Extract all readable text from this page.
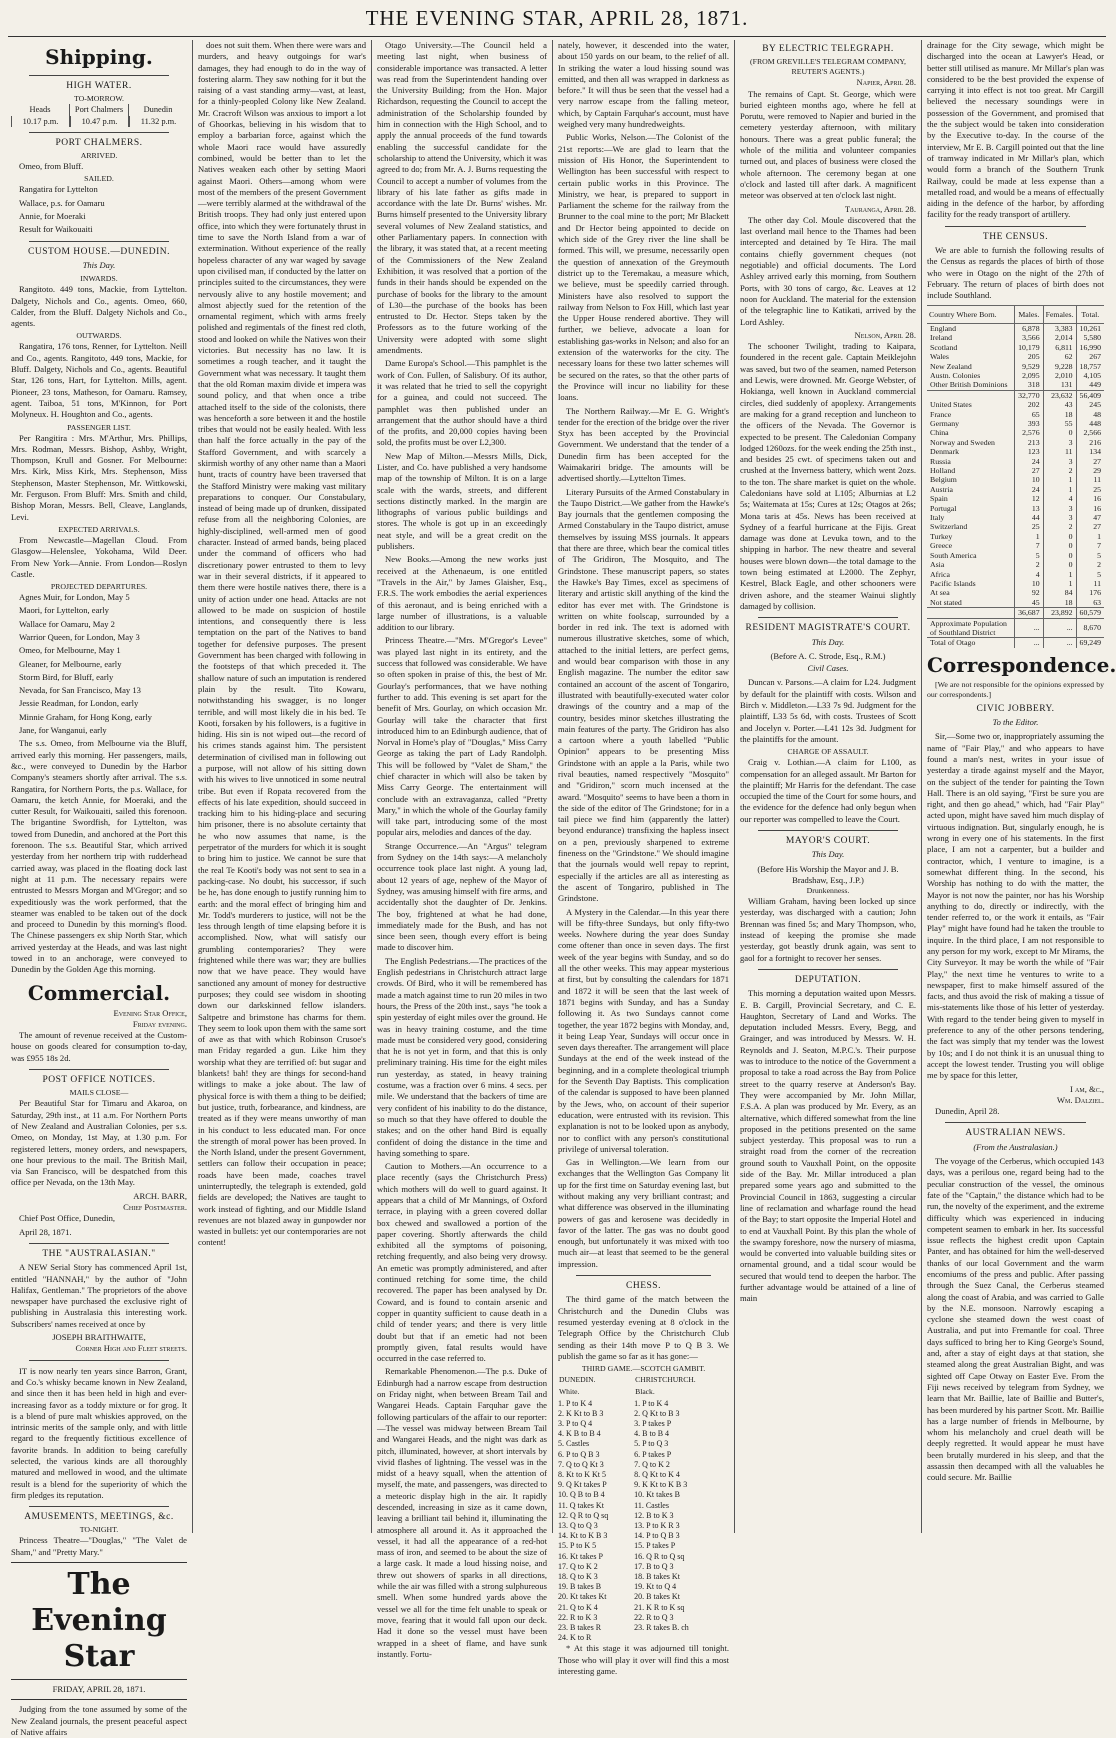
THE EVENING STAR, APRIL 28, 1871.
Shipping.
HIGH WATER.
TO-MORROW.
Heads
10.17 p.m.
Port Chalmers
10.47 p.m.
Dunedin
11.32 p.m.
PORT CHALMERS.
ARRIVED.

Omeo, from Bluff.

SAILED.

Rangatira for Lyttelton

Wallace, p.s. for Oamaru

Annie, for Moeraki

Result for Waikouaiti

CUSTOM HOUSE.—DUNEDIN.
This Day.
INWARDS.

Rangitoto. 449 tons, Mackie, from Lyttelton. Dalgety, Nichols and Co., agents. Omeo, 660, Calder, from the Bluff. Dalgety Nichols and Co., agents.

OUTWARDS.

Rangatira, 176 tons, Renner, for Lyttelton. Neill and Co., agents. Rangitoto, 449 tons, Mackie, for Bluff. Dalgety, Nichols and Co., agents. Beautiful Star, 126 tons, Hart, for Lyttelton. Mills, agent. Pioneer, 23 tons, Matheson, for Oamaru. Ramsey, agent. Taiboa, 51 tons, M'Kinnon, for Port Molyneux. H. Houghton and Co., agents.

PASSENGER LIST.

Per Rangitira : Mrs. M'Arthur, Mrs. Phillips, Mrs. Rodman, Messrs. Bishop, Ashby, Wright, Thompson, Krull and Gosner. For Melbourne: Mrs. Kirk, Miss Kirk, Mrs. Stephenson, Miss Stephenson, Master Stephenson, Mr. Wittkowski, Mr. Ferguson. From Bluff: Mrs. Smith and child, Bishop Moran, Messrs. Bell, Cleave, Langlands, Levi.

EXPECTED ARRIVALS.

From Newcastle—Magellan Cloud. From Glasgow—Helenslee, Yokohama, Wild Deer. From New York—Annie. From London—Roslyn Castle.

PROJECTED DEPARTURES.

Agnes Muir, for London, May 5

Maori, for Lyttelton, early

Wallace for Oamaru, May 2

Warrior Queen, for London, May 3

Omeo, for Melbourne, May 1

Gleaner, for Melbourne, early

Storm Bird, for Bluff, early

Nevada, for San Francisco, May 13

Jessie Readman, for London, early

Minnie Graham, for Hong Kong, early

Jane, for Wanganui, early

The s.s. Omeo, from Melbourne via the Bluff, arrived early this morning. Her passengers, mails, &c., were conveyed to Dunedin by the Harbor Company's steamers shortly after arrival. The s.s. Rangatira, for Northern Ports, the p.s. Wallace, for Oamaru, the ketch Annie, for Moeraki, and the cutter Result, for Waikouaiti, sailed this forenoon. The brigantine Swordfish, for Lyttelton, was towed from Dunedin, and anchored at the Port this forenoon. The s.s. Beautiful Star, which arrived yesterday from her northern trip with rudderhead carried away, was placed in the floating dock last night at 11 p.m. The necessary repairs were entrusted to Messrs Morgan and M'Gregor; and so expeditiously was the work performed, that the steamer was enabled to be taken out of the dock and proceed to Dunedin by this morning's flood. The Chinese passengers ex ship North Star, which arrived yesterday at the Heads, and was last night towed in to an anchorage, were conveyed to Dunedin by the Golden Age this morning.

Commercial.
Evening Star Office,
Friday evening.

The amount of revenue received at the Custom-house on goods cleared for consumption to-day, was £955 18s 2d.

POST OFFICE NOTICES.
MAILS CLOSE—

Per Beautiful Star for Timaru and Akaroa, on Saturday, 29th inst., at 11 a.m. For Northern Ports of New Zealand and Australian Colonies, per s.s. Omeo, on Monday, 1st May, at 1.30 p.m. For registered letters, money orders, and newspapers, one hour previous to the mail. The British Mail, via San Francisco, will be despatched from this office per Nevada, on the 13th May.

ARCH. BARR,
Chief Postmaster.

Chief Post Office, Dunedin,

April 28, 1871.

THE "AUSTRALASIAN."

A NEW Serial Story has commenced April 1st, entitled "HANNAH," by the author of "John Halifax, Gentleman." The proprietors of the above newspaper have purchased the exclusive right of publishing in Australasia this interesting work. Subscribers' names received at once by

JOSEPH BRAITHWAITE,
Corner High and Fleet streets.

IT is now nearly ten years since Barron, Grant, and Co.'s whisky became known in New Zealand, and since then it has been held in high and ever-increasing favor as a toddy mixture or for grog. It is a blend of pure malt whiskies approved, on the intrinsic merits of the sample only, and with little regard to the frequently fictitious excellence of favorite brands. In addition to being carefully selected, the various kinds are all thoroughly matured and mellowed in wood, and the ultimate result is a blend for the superiority of which the firm pledges its reputation.

AMUSEMENTS, MEETINGS, &c.
TO-NIGHT.

Princess Theatre—"Douglas," "The Valet de Sham," and "Pretty Mary."

The Evening Star
FRIDAY, APRIL 28, 1871.

Judging from the tone assumed by some of the New Zealand journals, the present peaceful aspect of Native affairs

does not suit them. When there were wars and murders, and heavy outgoings for war's damages, they had enough to do in the way of fostering alarm. They saw nothing for it but the raising of a vast standing army—vast, at least, for a thinly-peopled Colony like New Zealand. Mr. Cracroft Wilson was anxious to import a lot of Ghoorkas, believing in his wisdom that to employ a barbarian force, against which the whole Maori race would have assuredly combined, would be better than to let the Natives weaken each other by setting Maori against Maori. Others—among whom were most of the members of the present Government—were terribly alarmed at the withdrawal of the British troops. They had only just entered upon office, into which they were fortunately thrust in time to save the North Island from a war of extermination. Without experience of the really hopeless character of any war waged by savage upon civilised man, if conducted by the latter on principles suited to the circumstances, they were nervously alive to any hostile movement; and almost abjectly sued for the retention of the ornamental regiment, which with arms freely polished and regimentals of the finest red cloth, stood and looked on while the Natives won their victories. But necessity has no law. It is sometimes a rough teacher, and it taught the Government what was necessary. It taught them that the old Roman maxim divide et impera was sound policy, and that when once a tribe attached itself to the side of the colonists, there was henceforth a sore between it and the hostile tribes that would not be easily healed. With less than half the force actually in the pay of the Stafford Government, and with scarcely a skirmish worthy of any other name than a Maori hunt, tracts of country have been traversed that the Stafford Ministry were making vast military preparations to conquer. Our Constabulary, instead of being made up of drunken, dissipated refuse from all the neighboring Colonies, are highly-disciplined, well-armed men of good character. Instead of armed bands, being placed under the command of officers who had discretionary power entrusted to them to levy war in their several districts, if it appeared to them there were hostile natives there, there is a unity of action under one head. Attacks are not allowed to be made on suspicion of hostile intentions, and consequently there is less temptation on the part of the Natives to band together for defensive purposes. The present Government has been charged with following in the footsteps of that which preceded it. The shallow nature of such an imputation is rendered plain by the result. Tito Kowaru, notwithstanding his swagger, is no longer terrible, and will most likely die in his bed. Te Kooti, forsaken by his followers, is a fugitive in hiding. His sin is not wiped out—the record of his crimes stands against him. The persistent determination of civilised man in following out a purpose, will not allow of his sitting down with his wives to live unnoticed in some neutral tribe. But even if Ropata recovered from the effects of his late expedition, should succeed in tracking him to his hiding-place and securing him prisoner, there is no absolute certainty that he who now assumes that name, is the perpetrator of the murders for which it is sought to bring him to justice. We cannot be sure that the real Te Kooti's body was not sent to sea in a packing-case. No doubt, his successor, if such be he, has done enough to justify running him to earth: and the moral effect of bringing him and Mr. Todd's murderers to justice, will not be the less through length of time elapsing before it is accomplished. Now, what will satisfy our grumbling contemporaries? They were frightened while there was war; they are bullies now that we have peace. They would have sanctioned any amount of money for destructive purposes; they could see wisdom in shooting down our darkskinned fellow islanders. Saltpetre and brimstone has charms for them. They seem to look upon them with the same sort of awe as that with which Robinson Crusoe's man Friday regarded a gun. Like him they worship what they are terrified of: but sugar and blankets! bah! they are things for second-hand witlings to make a joke about. The law of physical force is with them a thing to be deified; but justice, truth, forbearance, and kindness, are treated as if they were means unworthy of man in his conduct to less educated man. For once the strength of moral power has been proved. In the North Island, under the present Government, settlers can follow their occupation in peace; roads have been made, coaches travel uninterruptedly, the telegraph is extended, gold fields are developed; the Natives are taught to work instead of fighting, and our Middle Island revenues are not blazed away in gunpowder nor wasted in bullets: yet our contemporaries are not content!

Otago University.—The Council held a meeting last night, when business of considerable importance was transacted. A letter was read from the Superintendent handing over the University Building; from the Hon. Major Richardson, requesting the Council to accept the administration of the Scholarship founded by him in connection with the High School, and to apply the annual proceeds of the fund towards enabling the successful candidate for the scholarship to attend the University, which it was agreed to do; from Mr. A. J. Burns requesting the Council to accept a number of volumes from the library of his late father as gifts made in accordance with the late Dr. Burns' wishes. Mr. Burns himself presented to the University library several volumes of New Zealand statistics, and other Parliamentary papers. In connection with the library, it was stated that, at a recent meeting of the Commissioners of the New Zealand Exhibition, it was resolved that a portion of the funds in their hands should be expended on the purchase of books for the library to the amount of L30—the purchase of the books has been entrusted to Dr. Hector. Steps taken by the Professors as to the future working of the University were adopted with some slight amendments.

Dame Europa's School.—This pamphlet is the work of Con. Fullen, of Salisbury. Of its author, it was related that he tried to sell the copyright for a guinea, and could not succeed. The pamphlet was then published under an arrangement that the author should have a third of the profits, and 20,000 copies having been sold, the profits must be over L2,300.

New Map of Milton.—Messrs Mills, Dick, Lister, and Co. have published a very handsome map of the township of Milton. It is on a large scale with the wards, streets, and different sections distinctly marked. In the margin are lithographs of various public buildings and stores. The whole is got up in an exceedingly neat style, and will be a great credit on the publishers.

New Books.—Among the new works just received at the Athenaeum, is one entitled "Travels in the Air," by James Glaisher, Esq., F.R.S. The work embodies the aerial experiences of this aeronaut, and is being enriched with a large number of illustrations, is a valuable addition to our library.

Princess Theatre.—"Mrs. M'Gregor's Levee" was played last night in its entirety, and the success that followed was considerable. We have so often spoken in praise of this, the best of Mr. Gourlay's performances, that we have nothing further to add. This evening is set apart for the benefit of Mrs. Gourlay, on which occasion Mr. Gourlay will take the character that first introduced him to an Edinburgh audience, that of Norval in Home's play of "Douglas," Miss Carry George as taking the part of Lady Randolph. This will be followed by "Valet de Sham," the chief character in which will also be taken by Miss Carry George. The entertainment will conclude with an extravaganza, called "Pretty Mary," in which the whole of the Gourlay family will take part, introducing some of the most popular airs, melodies and dances of the day.

Strange Occurrence.—An "Argus" telegram from Sydney on the 14th says:—A melancholy occurrence took place last night. A young lad, about 12 years of age, nephew of the Mayor of Sydney, was amusing himself with fire arms, and accidentally shot the daughter of Dr. Jenkins. The boy, frightened at what he had done, immediately made for the Bush, and has not since been seen, though every effort is being made to discover him.

The English Pedestrians.—The practices of the English pedestrians in Christchurch attract large crowds. Of Bird, who it will be remembered has made a match against time to run 20 miles in two hours, the Press of the 20th inst., says "he took a spin yesterday of eight miles over the ground. He was in heavy training costume, and the time made must be considered very good, considering that he is not yet in form, and that this is only preliminary training. His time for the eight miles run yesterday, as stated, in heavy training costume, was a fraction over 6 mins. 4 secs. per mile. We understand that the backers of time are very confident of his inability to do the distance, so much so that they have offered to double the stakes; and on the other hand Bird is equally confident of doing the distance in the time and having something to spare.

Caution to Mothers.—An occurrence to a place recently (says the Christchurch Press) which mothers will do well to guard against. It appears that a child of Mr Mannings, of Oxford terrace, in playing with a green covered dollar box chewed and swallowed a portion of the paper covering. Shortly afterwards the child exhibited all the symptoms of poisoning, retching frequently, and also being very drowsy. An emetic was promptly administered, and after continued retching for some time, the child recovered. The paper has been analysed by Dr. Coward, and is found to contain arsenic and copper in quantity sufficient to cause death in a child of tender years; and there is very little doubt but that if an emetic had not been promptly given, fatal results would have occurred in the case referred to.

Remarkable Phenomenon.—The p.s. Duke of Edinburgh had a narrow escape from destruction on Friday night, when between Bream Tail and Wangarei Heads. Captain Farquhar gave the following particulars of the affair to our reporter:—The vessel was midway between Bream Tail and Wangarei Heads, and the night was dark as pitch, illuminated, however, at short intervals by vivid flashes of lightning. The vessel was in the midst of a heavy squall, when the attention of myself, the mate, and passengers, was directed to a meteoric display high in the air. It rapidly descended, increasing in size as it came down, leaving a brilliant tail behind it, illuminating the atmosphere all around it. As it approached the vessel, it had all the appearance of a red-hot mass of iron, and seemed to be about the size of a large cask. It made a loud hissing noise, and threw out showers of sparks in all directions, while the air was filled with a strong sulphureous smell. When some hundred yards above the vessel we all for the time felt unable to speak or move, fearing that it would fall upon our deck. Had it done so the vessel must have been wrapped in a sheet of flame, and have sunk instantly. Fortu-

nately, however, it descended into the water, about 150 yards on our beam, to the relief of all. In striking the water a loud hissing sound was emitted, and then all was wrapped in darkness as before." It will thus be seen that the vessel had a very narrow escape from the falling meteor, which, by Captain Farquhar's account, must have weighed very many hundredweights.

Public Works, Nelson.—The Colonist of the 21st reports:—We are glad to learn that the mission of His Honor, the Superintendent to Wellington has been successful with respect to certain public works in this Province. The Ministry, we hear, is prepared to support in Parliament the scheme for the railway from the Brunner to the coal mine to the port; Mr Blackett and Dr Hector being appointed to decide on which side of the Grey river the line shall be formed. This will, we presume, necessarily open the question of annexation of the Greymouth district up to the Teremakau, a measure which, we believe, must be speedily carried through. Ministers have also resolved to support the railway from Nelson to Fox Hill, which last year the Upper House rendered abortive. They will further, we believe, advocate a loan for establishing gas-works in Nelson; and also for an extension of the waterworks for the city. The necessary loans for these two latter schemes will be secured on the rates, so that the other parts of the Province will incur no liability for these loans.

The Northern Railway.—Mr E. G. Wright's tender for the erection of the bridge over the river Styx has been accepted by the Provincial Government. We understand that the tender of a Dunedin firm has been accepted for the Waimakariri bridge. The amounts will be advertised shortly.—Lyttelton Times.

Literary Pursuits of the Armed Constabulary in the Taupo District.—We gather from the Hawke's Bay journals that the gentlemen composing the Armed Constabulary in the Taupo district, amuse themselves by issuing MSS journals. It appears that there are three, which bear the comical titles of The Gridiron, The Mosquito, and The Grindstone. These manuscript papers, so states the Hawke's Bay Times, excel as specimens of literary and artistic skill anything of the kind the editor has ever met with. The Grindstone is written on white foolscap, surrounded by a border in red ink. The text is adorned with numerous illustrative sketches, some of which, attached to the initial letters, are perfect gems, and would bear comparison with those in any English magazine. The number the editor saw contained an account of the ascent of Tongariro, illustrated with beautifully-executed water color drawings of the country and a map of the country, besides minor sketches illustrating the main features of the party. The Gridiron has also a cartoon where a youth labelled "Public Opinion" appears to be presenting Miss Grindstone with an apple a la Paris, while two rival beauties, named respectively "Mosquito" and "Gridiron," scorn much incensed at the award. "Mosquito" seems to have been a thorn in the side of the editor of The Grindstone; for in a tail piece we find him (apparently the latter) beyond endurance) transfixing the hapless insect on a pen, previously sharpened to extreme fineness on the "Grindstone." We should imagine that the journals would well repay to reprint, especially if the articles are all as interesting as the ascent of Tongariro, published in The Grindstone.

A Mystery in the Calendar.—In this year there will be fifty-three Sundays, but only fifty-two weeks. Nowhere during the year does Sunday come oftener than once in seven days. The first week of the year begins with Sunday, and so do all the other weeks. This may appear mysterious at first, but by consulting the calendars for 1871 and 1872 it will be seen that the last week of 1871 begins with Sunday, and has a Sunday following it. As two Sundays cannot come together, the year 1872 begins with Monday, and, it being Leap Year, Sundays will occur once in seven days thereafter. The arrangement will place Sundays at the end of the week instead of the beginning, and in a complete theological triumph for the Seventh Day Baptists. This complication of the calendar is supposed to have been planned by the Jews, who, on account of their superior education, were entrusted with its revision. This explanation is not to be looked upon as anybody, nor to conflict with any person's constitutional privilege of universal toleration.

Gas in Wellington.—We learn from our exchanges that the Wellington Gas Company lit up for the first time on Saturday evening last, but without making any very brilliant contrast; and what difference was observed in the illuminating powers of gas and kerosene was decidedly in favor of the latter. The gas was no doubt good enough, but unfortunately it was mixed with too much air—at least that seemed to be the general impression.

CHESS.

The third game of the match between the Christchurch and the Dunedin Clubs was resumed yesterday evening at 8 o'clock in the Telegraph Office by the Christchurch Club sending as their 14th move P to Q B 3. We publish the game so far as it has gone:—

THIRD GAME.—SCOTCH GAMBIT.
DUNEDIN.	CHRISTCHURCH.
White.	Black.
1. P to K 4	1. P to K 4
2. K Kt to B 3	2. Q Kt to B 3
3. P to Q 4	3. P takes P
4. K B to B 4	4. B to B 4
5. Castles	5. P to Q 3
6. P to Q B 3	6. P takes P
7. Q to Q Kt 3	7. Q to K 2
8. Kt to K Kt 5	8. Q Kt to K 4
9. Q Kt takes P	9. K Kt to K B 3
10. Q B to B 4	10. Kt takes B
11. Q takes Kt	11. Castles
12. Q R to Q sq	12. B to K 3
13. Q to Q 3	13. P to K R 3
14. Kt to K B 3	14. P to Q B 3
15. P to K 5	15. P takes P
16. Kt takes P	16. Q R to Q sq
17. Q to K 2	17. B to Q 3
18. Q to K 3	18. B takes Kt
19. B takes B	19. Kt to Q 4
20. Kt takes Kt	20. B takes Kt
21. Q to K 4	21. K R to K sq
22. R to K 3	22. R to Q 3
23. B takes R	23. R takes B. ch
24. K to R	

* At this stage it was adjourned till tonight. Those who will play it over will find this a most interesting game.

BY ELECTRIC TELEGRAPH.
(FROM GREVILLE'S TELEGRAM COMPANY, REUTER'S AGENTS.)
Napier, April 28.

The remains of Capt. St. George, which were buried eighteen months ago, where he fell at Porutu, were removed to Napier and buried in the cemetery yesterday afternoon, with military honours. There was a great public funeral; the whole of the militia and volunteer companies turned out, and places of business were closed the whole afternoon. The ceremony began at one o'clock and lasted till after dark. A magnificent meteor was observed at ten o'clock last night.

Tauranga, April 28.

The other day Col. Moule discovered that the last overland mail hence to the Thames had been intercepted and detained by Te Hira. The mail contains chiefly government cheques (not negotiable) and official documents. The Lord Ashley arrived early this morning, from Southern Ports, with 30 tons of cargo, &c. Leaves at 12 noon for Auckland. The material for the extension of the telegraphic line to Katikati, arrived by the Lord Ashley.

Nelson, April 28.

The schooner Twilight, trading to Kaipara, foundered in the recent gale. Captain Meiklejohn was saved, but two of the seamen, named Peterson and Lewis, were drowned. Mr. George Webster, of Hokianga, well known in Auckland commercial circles, died suddenly of apoplexy. Arrangements are making for a grand reception and luncheon to the officers of the Nevada. The Governor is expected to be present. The Caledonian Company lodged 1260ozs. for the week ending the 25th inst., and besides 25 cwt. of specimens taken out and crushed at the Inverness battery, which went 2ozs. to the ton. The share market is quiet on the whole. Caledonians have sold at L105; Alburnias at L2 5s; Waitemata at 15s; Cures at 12s; Otagos at 26s; Mona taris at 45s. News has been received at Sydney of a fearful hurricane at the Fijis. Great damage was done at Levuka town, and to the shipping in harbor. The new theatre and several houses were blown down—the total damage to the town being estimated at L2000. The Zephyr, Kestrel, Black Eagle, and other schooners were driven ashore, and the steamer Wainui slightly damaged by collision.

RESIDENT MAGISTRATE'S COURT.
This Day.
(Before A. C. Strode, Esq., R.M.)
Civil Cases.

Duncan v. Parsons.—A claim for L24. Judgment by default for the plaintiff with costs. Wilson and Birch v. Middleton.—L33 7s 9d. Judgment for the plaintiff, L33 5s 6d, with costs. Trustees of Scott and Jocelyn v. Porter.—L41 12s 3d. Judgment for the plaintiffs for the amount.

CHARGE OF ASSAULT.

Craig v. Lothian.—A claim for L100, as compensation for an alleged assault. Mr Barton for the plaintiff; Mr Harris for the defendant. The case occupied the time of the Court for some hours, and the evidence for the defence had only begun when our reporter was compelled to leave the Court.

MAYOR'S COURT.
This Day.
(Before His Worship the Mayor and J. B. Bradshaw, Esq., J.P.)
Drunkenness.

William Graham, having been locked up since yesterday, was discharged with a caution; John Brennan was fined 5s; and Mary Thompson, who, instead of keeping the promise she made yesterday, got beastly drunk again, was sent to gaol for a fortnight to recover her senses.

DEPUTATION.

This morning a deputation waited upon Messrs. E. B. Cargill, Provincial Secretary, and C. E. Haughton, Secretary of Land and Works. The deputation included Messrs. Every, Begg, and Grainger, and was introduced by Messrs. W. H. Reynolds and J. Seaton, M.P.C.'s. Their purpose was to introduce to the notice of the Government a proposal to take a road across the Bay from Police street to the quarry reserve at Anderson's Bay. They were accompanied by Mr. John Millar, F.S.A. A plan was produced by Mr. Every, as an alternative, which differed somewhat from the line proposed in the petitions presented on the same subject yesterday. This proposal was to run a straight road from the corner of the recreation ground south to Vauxhall Point, on the opposite side of the Bay. Mr. Millar introduced a plan prepared some years ago and submitted to the Provincial Council in 1863, suggesting a circular line of reclamation and wharfage round the head of the Bay; to start opposite the Imperial Hotel and to end at Vauxhall Point. By this plan the whole of the swampy foreshore, now the nursery of miasma, would be converted into valuable building sites or ornamental ground, and a tidal scour would be secured that would tend to deepen the harbor. The further advantage would be attained of a line of main

drainage for the City sewage, which might be discharged into the ocean at Lawyer's Head, or better still utilised as manure. Mr Millar's plan was considered to be the best provided the expense of carrying it into effect is not too great. Mr Cargill believed the necessary soundings were in possession of the Government, and promised that the the subject would be taken into consideration by the Executive to-day. In the course of the interview, Mr E. B. Cargill pointed out that the line of tramway indicated in Mr Millar's plan, which would form a branch of the Southern Trunk Railway, could be made at less expense than a metalled road, and would be a means of effectually aiding in the defence of the harbor, by affording facility for the ready transport of artillery.

THE CENSUS.

We are able to furnish the following results of the Census as regards the places of birth of those who were in Otago on the night of the 27th of February. The return of places of birth does not include Southland.

Country Where Born.	Males.	Females.	Total.
England	6,878	3,383	10,261
Ireland	3,566	2,014	5,580
Scotland	10,179	6,811	16,990
Wales	205	62	267
New Zealand	9,529	9,228	18,757
Austn. Colonies	2,095	2,010	4,105
Other British Dominions	318	131	449
	32,770	23,632	56,409
United States	202	43	245
France	65	18	48
Germany	393	55	448
China	2,576	0	2,566
Norway and Sweden	213	3	216
Denmark	123	11	134
Russia	24	3	27
Holland	27	2	29
Belgium	10	1	11
Austria	24	1	25
Spain	12	4	16
Portugal	13	3	16
Italy	44	3	47
Switzerland	25	2	27
Turkey	1	0	1
Greece	7	0	7
South America	5	0	5
Asia	2	0	2
Africa	4	1	5
Pacific Islands	10	1	11
At sea	92	84	176
Not stated	45	18	63
	36,687	23,892	60,579
Approximate Population of Southland District	...	...	8,670
Total of Otago	...	...	69,249
Correspondence.

[We are not responsible for the opinions expressed by our correspondents.]

CIVIC JOBBERY.
To the Editor.

Sir,—Some two or, inappropriately assuming the name of "Fair Play," and who appears to have found a man's nest, writes in your issue of yesterday a tirade against myself and the Mayor, on the subject of the tender for painting the Town Hall. There is an old saying, "First be sure you are right, and then go ahead," which, had "Fair Play" acted upon, might have saved him much display of virtuous indignation. But, singularly enough, he is wrong in every one of his statements. In the first place, I am not a carpenter, but a builder and contractor, which, I venture to imagine, is a somewhat different thing. In the second, his Worship has nothing to do with the matter, the Mayor is not now the painter, nor has his Worship anything to do, directly or indirectly, with the tender referred to, or the work it entails, as "Fair Play" might have found had he taken the trouble to inquire. In the third place, I am not responsible to any person for my work, except to Mr Mirams, the City Surveyor. It may be worth the while of "Fair Play," the next time he ventures to write to a newspaper, first to make himself assured of the facts, and thus avoid the risk of making a tissue of mis-statements like those of his letter of yesterday. With regard to the tender being given to myself in preference to any of the other persons tendering, the fact was simply that my tender was the lowest by 10s; and I do not think it is an unusual thing to accept the lowest tender. Trusting you will oblige me by space for this letter,

I am, &c.,
Wm. Dalziel.

Dunedin, April 28.

AUSTRALIAN NEWS.
(From the Australasian.)

The voyage of the Cerberus, which occupied 143 days, was a perilous one, regard being had to the peculiar construction of the vessel, the ominous fate of the "Captain," the distance which had to be run, the novelty of the experiment, and the extreme difficulty which was experienced in inducing competent seamen to embark in her. Its successful issue reflects the highest credit upon Captain Panter, and has obtained for him the well-deserved thanks of our local Government and the warm encomiums of the press and public. After passing through the Suez Canal, the Cerberus steamed along the coast of Arabia, and was carried to Galle by the N.E. monsoon. Narrowly escaping a cyclone she steamed down the west coast of Australia, and put into Fremantle for coal. Three days sufficed to bring her to King George's Sound, and, after a stay of eight days at that station, she steamed along the great Australian Bight, and was sighted off Cape Otway on Easter Eve. From the Fiji news received by telegram from Sydney, we learn that Mr. Baillie, late of Baillie and Butter's, has been murdered by his partner Scott. Mr. Baillie has a large number of friends in Melbourne, by whom his melancholy and cruel death will be deeply regretted. It would appear he must have been brutally murdered in his sleep, and that the assassin then decamped with all the valuables he could secure. Mr. Baillie
